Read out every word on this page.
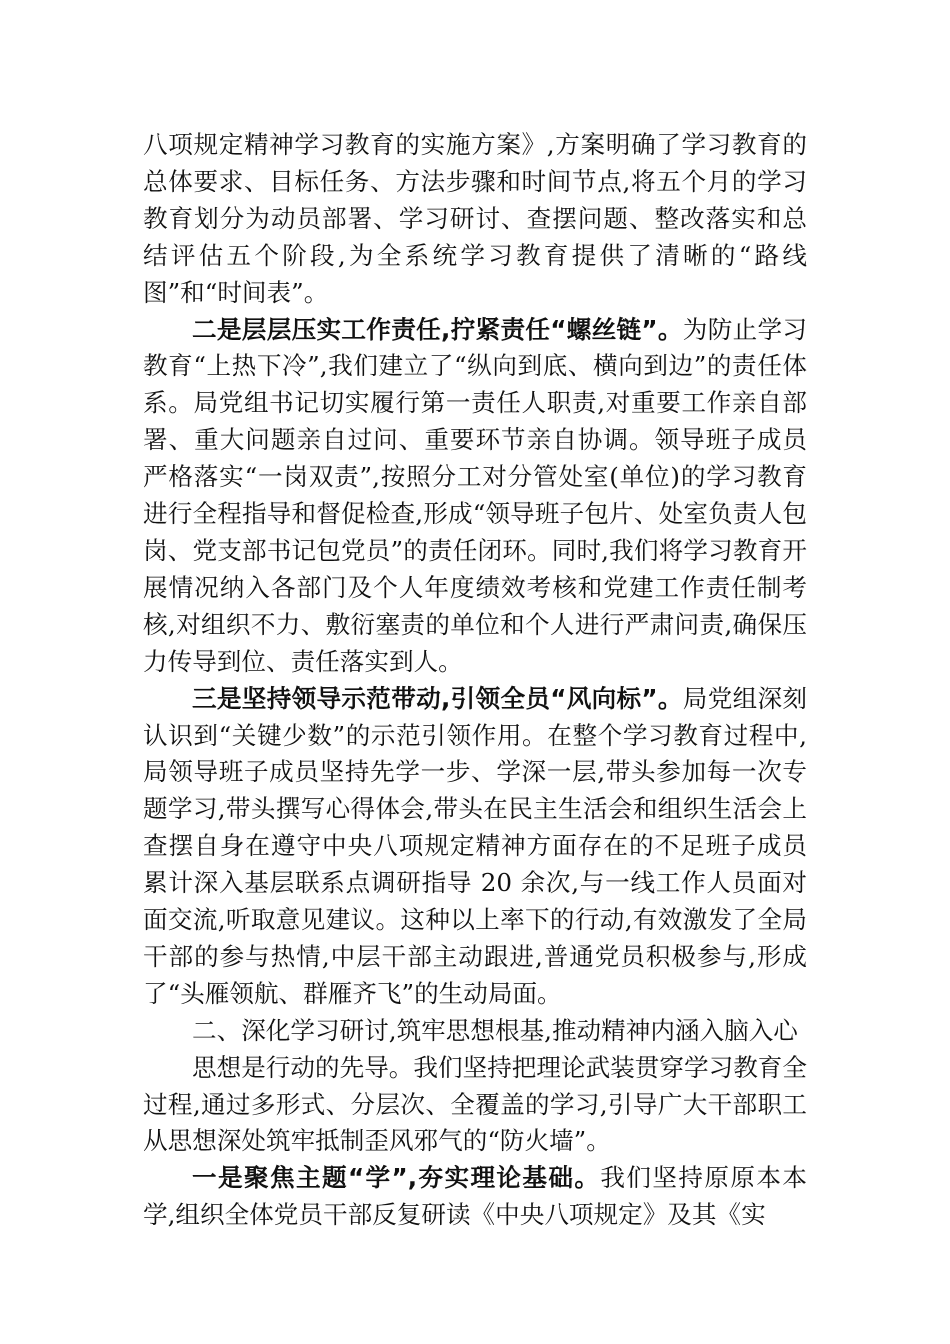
八项规定精神学习教育的实施方案》,方案明确了学习教育的总体要求、目标任务、方法步骤和时间节点,将五个月的学习教育划分为动员部署、学习研讨、查摆问题、整改落实和总结评估五个阶段,为全系统学习教育提供了清晰的“路线图”和“时间表”。

二是层层压实工作责任,拧紧责任“螺丝链”。为防止学习教育“上热下冷”,我们建立了“纵向到底、横向到边”的责任体系。局党组书记切实履行第一责任人职责,对重要工作亲自部署、重大问题亲自过问、重要环节亲自协调。领导班子成员严格落实“一岗双责”,按照分工对分管处室(单位)的学习教育进行全程指导和督促检查,形成“领导班子包片、处室负责人包岗、党支部书记包党员”的责任闭环。同时,我们将学习教育开展情况纳入各部门及个人年度绩效考核和党建工作责任制考核,对组织不力、敷衍塞责的单位和个人进行严肃问责,确保压力传导到位、责任落实到人。

三是坚持领导示范带动,引领全员“风向标”。局党组深刻认识到“关键少数”的示范引领作用。在整个学习教育过程中,局领导班子成员坚持先学一步、学深一层,带头参加每一次专题学习,带头撰写心得体会,带头在民主生活会和组织生活会上查摆自身在遵守中央八项规定精神方面存在的不足班子成员累计深入基层联系点调研指导 20 余次,与一线工作人员面对面交流,听取意见建议。这种以上率下的行动,有效激发了全局干部的参与热情,中层干部主动跟进,普通党员积极参与,形成了“头雁领航、群雁齐飞”的生动局面。

二、深化学习研讨,筑牢思想根基,推动精神内涵入脑入心

思想是行动的先导。我们坚持把理论武装贯穿学习教育全过程,通过多形式、分层次、全覆盖的学习,引导广大干部职工从思想深处筑牢抵制歪风邪气的“防火墙”。

一是聚焦主题“学”,夯实理论基础。我们坚持原原本本学,组织全体党员干部反复研读《中央八项规定》及其《实
